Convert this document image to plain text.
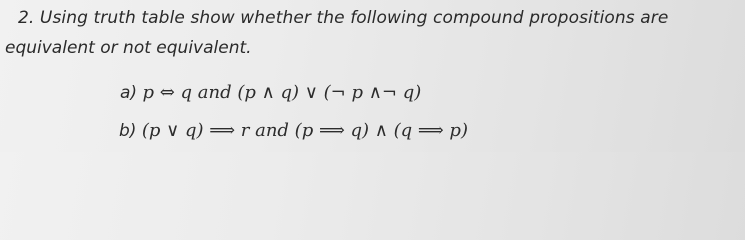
2. Using truth table show whether the following compound propositions are
equivalent or not equivalent.
a) p ⇔ q and (p ∧ q) ∨ (¬ p ∧¬ q)
b) (p ∨ q) ⟹ r and (p ⟹ q) ∧ (q ⟹ p)
